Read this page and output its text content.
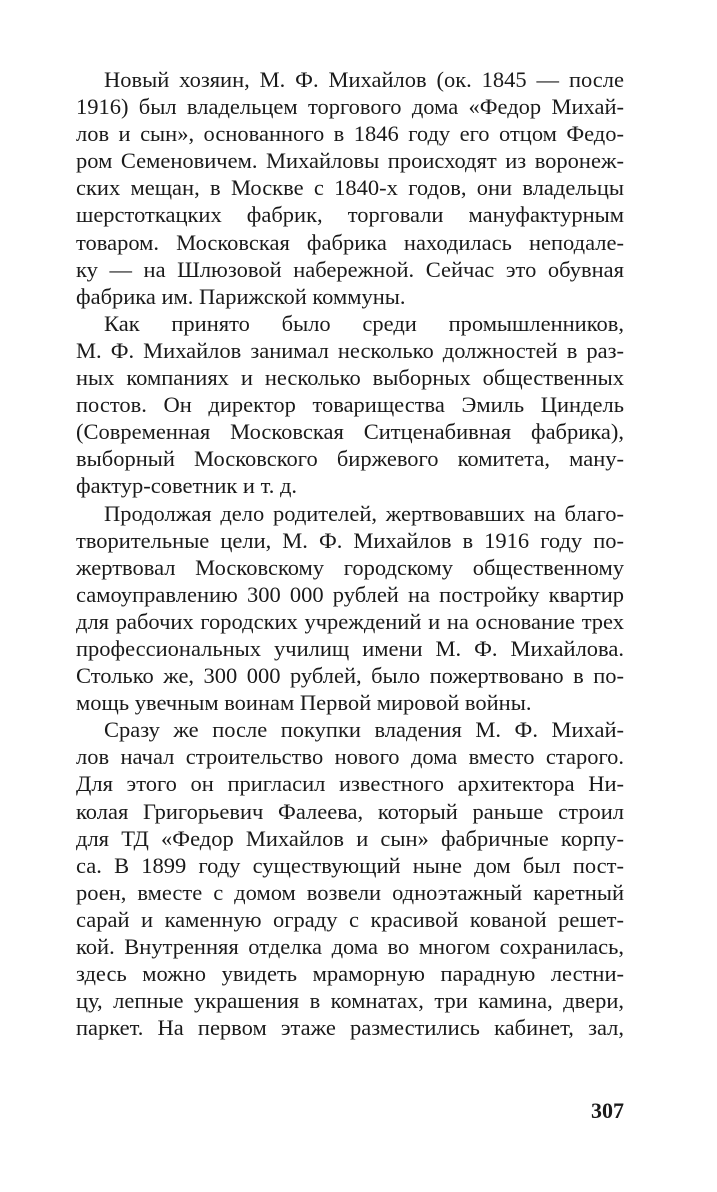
Новый хозяин, М. Ф. Михайлов (ок. 1845 — после
1916) был владельцем торгового дома «Федор Михай-
лов и сын», основанного в 1846 году его отцом Федо-
ром Семеновичем. Михайловы происходят из воронеж-
ских мещан, в Москве с 1840-х годов, они владельцы
шерстоткацких фабрик, торговали мануфактурным
товаром. Московская фабрика находилась неподале-
ку — на Шлюзовой набережной. Сейчас это обувная
фабрика им. Парижской коммуны.
Как принято было среди промышленников,
М. Ф. Михайлов занимал несколько должностей в раз-
ных компаниях и несколько выборных общественных
постов. Он директор товарищества Эмиль Циндель
(Современная Московская Ситценабивная фабрика),
выборный Московского биржевого комитета, ману-
фактур-советник и т. д.
Продолжая дело родителей, жертвовавших на благо-
творительные цели, М. Ф. Михайлов в 1916 году по-
жертвовал Московскому городскому общественному
самоуправлению 300 000 рублей на постройку квартир
для рабочих городских учреждений и на основание трех
профессиональных училищ имени М. Ф. Михайлова.
Столько же, 300 000 рублей, было пожертвовано в по-
мощь увечным воинам Первой мировой войны.
Сразу же после покупки владения М. Ф. Михай-
лов начал строительство нового дома вместо старого.
Для этого он пригласил известного архитектора Ни-
колая Григорьевич Фалеева, который раньше строил
для ТД «Федор Михайлов и сын» фабричные корпу-
са. В 1899 году существующий ныне дом был пост-
роен, вместе с домом возвели одноэтажный каретный
сарай и каменную ограду с красивой кованой решет-
кой. Внутренняя отделка дома во многом сохранилась,
здесь можно увидеть мраморную парадную лестни-
цу, лепные украшения в комнатах, три камина, двери,
паркет. На первом этаже разместились кабинет, зал,
307
